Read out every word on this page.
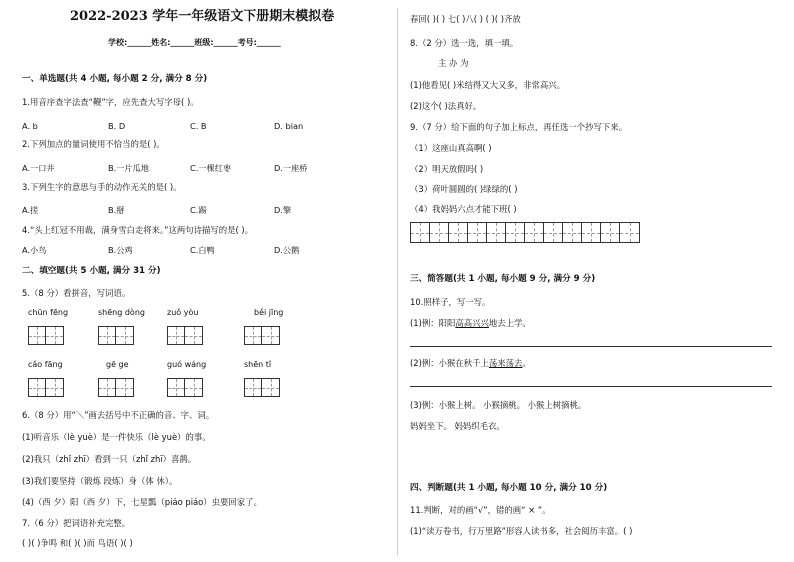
2022-2023 学年一年级语文下册期末模拟卷
学校:______姓名:______班级:______考号:______
一、单选题(共 4 小题, 每小题 2 分, 满分 8 分)
1.用音序查字法查“鞭”字，应先查大写字母( )。
A. b	B. D	C. B	D. bian
2.下列加点的量词使用不恰当的是( )。
A.一口井	B.一片瓜地	C.一棵红枣	D.一座桥
3.下列生字的意思与手的动作无关的是( )。
A.搓	B.掰	C.踢	D.擎
4.“头上红冠不用裁，满身雪白走将来。”这两句诗描写的是( )。
A.小鸟	B.公鸡	C.白鸭	D.公鹅
二、填空题(共 5 小题, 满分 31 分)
5.（8 分）看拼音，写词语。
chūn fēng	shēng dòng	zuǒ yòu	běi jīng
cǎo fāng	gē ge	guó wáng	shēn tǐ
6.（8 分）用“＼”画去括号中不正确的音、字、词。
(1)听音乐（lè yuè）是一件快乐（lè yuè）的事。
(2)我只（zhǐ zhī）看到一只（zhǐ zhī）喜鹊。
(3)我们要坚持（锻炼 段炼）身（体 休）。
(4)（西 夕）阳（西 夕）下，七星瓢（piáo piáo）虫要回家了。
7.（6 分）把词语补充完整。
( )( )争鸣 和( )( )而 鸟语( )( )
春回( )( ) 七( )八( ) ( )( )齐放
8.（2 分）选一选，填一填。
主 办 为
(1)他看见( )米结得又大又多，非常高兴。
(2)这个( )法真好。
9.（7 分）给下面的句子加上标点，再任选一个抄写下来。
（1）这座山真高啊( )
（2）明天放假吗( )
（3）荷叶圆圆的( )绿绿的( )
（4）我妈妈六点才能下班( )
三、简答题(共 1 小题, 每小题 9 分, 满分 9 分)
10.照样子，写一写。
(1)例：阳阳高高兴兴地去上学。
(2)例：小猴在秋千上荡来荡去。
(3)例：小猴上树。 小猴摘桃。 小猴上树摘桃。
妈妈坐下。 妈妈织毛衣。
四、判断题(共 1 小题, 每小题 10 分, 满分 10 分)
11.判断，对的画“√”，错的画“ × ”。
(1)“读万卷书，行万里路”形容人读书多，社会阅历丰富。( )
